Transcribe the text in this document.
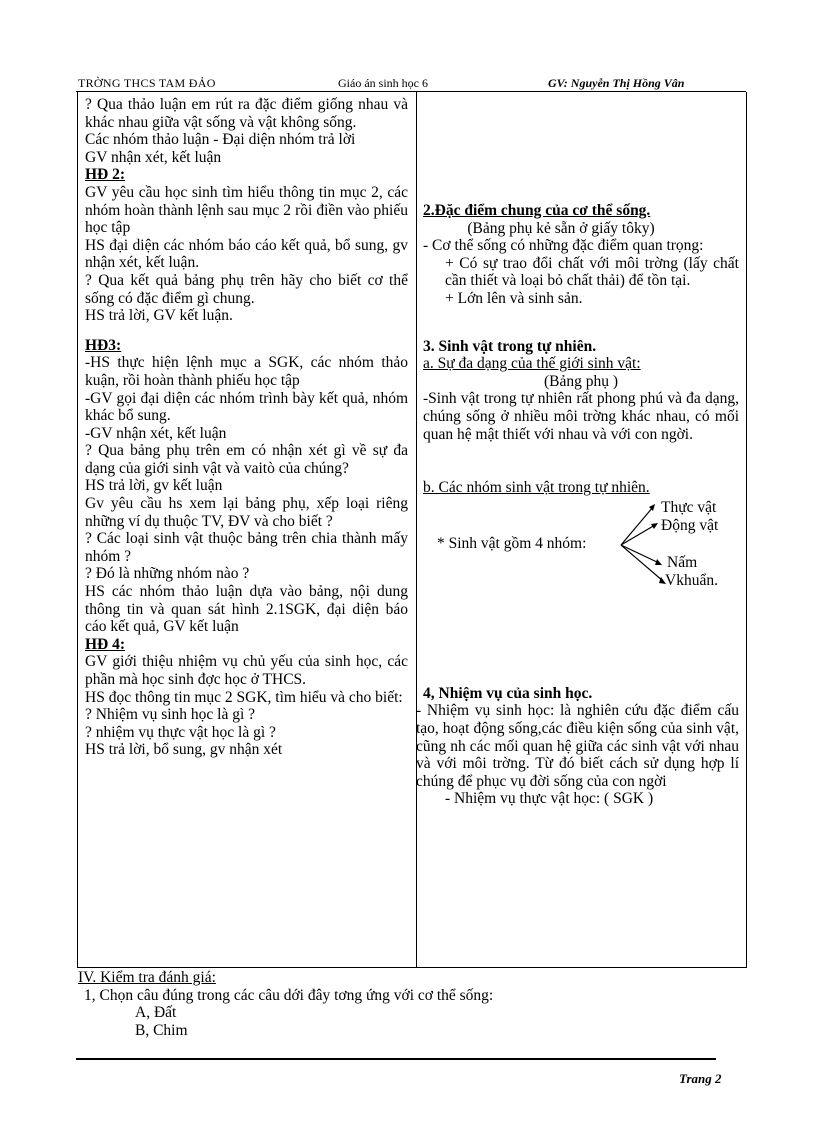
TRỜNG THCS TAM ĐẢO	Giáo án sinh học 6	GV: Nguyễn Thị Hồng Vân

? Qua thảo luận em rút ra đặc điểm giống nhau và khác nhau giữa vật sống và vật không sống.

Các nhóm thảo luận - Đại diện nhóm trả lời

GV nhận xét, kết luận

HĐ 2:

GV yêu cầu học sinh tìm hiểu thông tin mục 2, các nhóm hoàn thành lệnh sau mục 2 rồi điền vào phiếu học tập

HS đại diện các nhóm báo cáo kết quả, bổ sung, gv nhận xét, kết luận.

? Qua kết quả bảng phụ trên hãy cho biết cơ thể sống có đặc điểm gì chung.

HS trả lời, GV kết luận.

HĐ3:

-HS thực hiện lệnh mục a SGK, các nhóm thảo kuận, rồi hoàn thành phiếu học tập

-GV gọi đại diện các nhóm trình bày kết quả, nhóm khác bổ sung.

-GV nhận xét, kết luận

? Qua bảng phụ trên em có nhận xét gì về sự đa dạng của giới sinh vật và vaitò của chúng?

HS trả lời, gv kết luận

Gv yêu cầu hs xem lại bảng phụ, xếp loại riêng những ví dụ thuộc TV, ĐV và cho biết ?

? Các loại sinh vật thuộc bảng trên chia thành mấy nhóm ?

? Đó là những nhóm nào ?

HS các nhóm thảo luận dựa vào bảng, nội dung thông tin và quan sát hình 2.1SGK, đại diện báo cáo kết quả, GV kết luận

HĐ 4:

GV giới thiệu nhiệm vụ chủ yếu của sinh học, các phần mà học sinh đợc học ở THCS.

HS đọc thông tin mục 2 SGK, tìm hiểu và cho biết:

? Nhiệm vụ sinh học là gì ?

? nhiệm vụ thực vật học là gì ?

HS trả lời, bổ sung, gv nhận xét

2.Đặc điểm chung của cơ thể sống.

(Bảng phụ kẻ sẵn ở giấy tôky)

- Cơ thể sống có những đặc điểm quan trọng:

+ Có sự trao đổi chất với môi trờng (lấy chất cần thiết và loại bỏ chất thải) để tồn tại.

+ Lớn lên và sinh sản.

3. Sinh vật trong tự nhiên.

a. Sự đa dạng của thế giới sinh vật:

(Bảng phụ )

-Sinh vật trong tự nhiên rất phong phú và đa dạng, chúng sống ở nhiều môi trờng khác nhau, có mối quan hệ mật thiết với nhau và với con ngời.

b. Các nhóm sinh vật trong tự nhiên.

* Sinh vật gồm 4 nhóm:
Thực vật
Động vật
Nấm
Vkhuẩn.

4, Nhiệm vụ của sinh học.

- Nhiệm vụ sinh học: là nghiên cứu đặc điểm cấu tạo, hoạt động sống,các điều kiện sống của sinh vật, cũng nh các mối quan hệ giữa các sinh vật với nhau và với môi trờng. Từ đó biết cách sử dụng hợp lí chúng để phục vụ đời sống của con ngời

- Nhiệm vụ thực vật học: ( SGK )

IV. Kiểm tra đánh giá:

1, Chọn câu đúng trong các câu dới đây tơng ứng với cơ thể sống:

A, Đất

B, Chim

Trang 2
